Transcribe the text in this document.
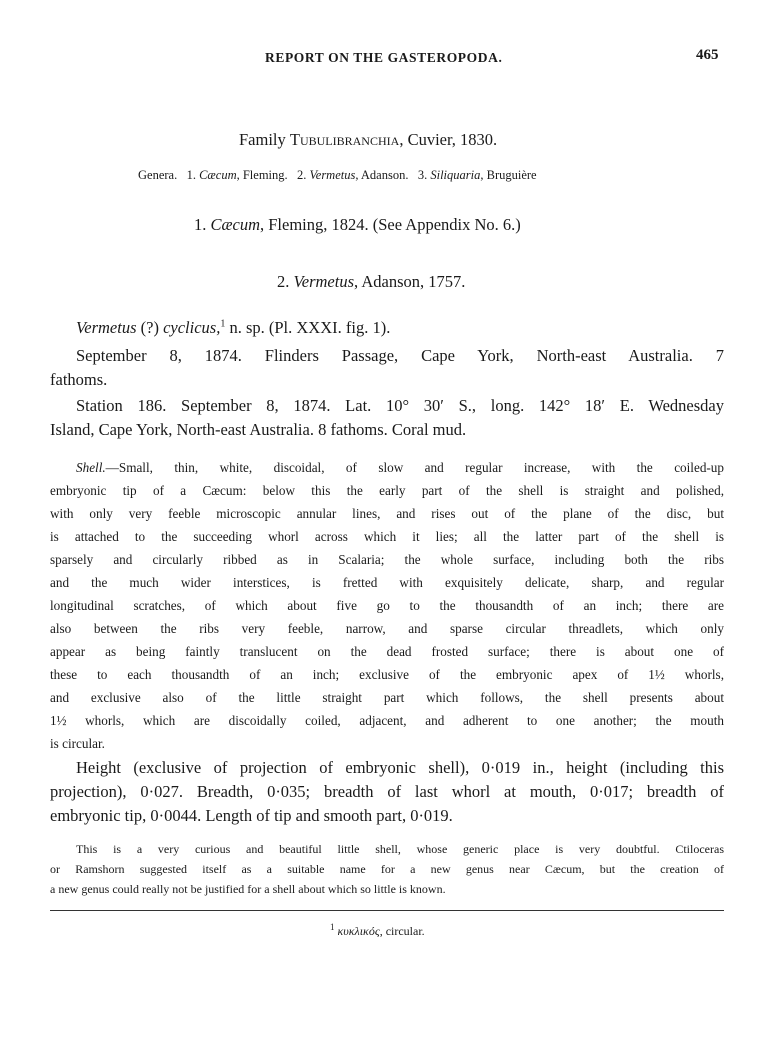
REPORT ON THE GASTEROPODA.	465
Family Tubulibranchia, Cuvier, 1830.
Genera. 1. Cæcum, Fleming. 2. Vermetus, Adanson. 3. Siliquaria, Bruguière
1. Cæcum, Fleming, 1824. (See Appendix No. 6.)
2. Vermetus, Adanson, 1757.
Vermetus (?) cyclicus,$^1$ n. sp. (Pl. XXXI. fig. 1).
September 8, 1874. Flinders Passage, Cape York, North-east Australia. 7
fathoms.
Station 186. September 8, 1874. Lat. 10° 30′ S., long. 142° 18′ E. Wednesday
Island, Cape York, North-east Australia. 8 fathoms. Coral mud.
Shell.—Small, thin, white, discoidal, of slow and regular increase, with the coiled-up
embryonic tip of a Cæcum: below this the early part of the shell is straight and polished,
with only very feeble microscopic annular lines, and rises out of the plane of the disc, but
is attached to the succeeding whorl across which it lies; all the latter part of the shell is
sparsely and circularly ribbed as in Scalaria; the whole surface, including both the ribs
and the much wider interstices, is fretted with exquisitely delicate, sharp, and regular
longitudinal scratches, of which about five go to the thousandth of an inch; there are
also between the ribs very feeble, narrow, and sparse circular threadlets, which only
appear as being faintly translucent on the dead frosted surface; there is about one of
these to each thousandth of an inch; exclusive of the embryonic apex of 1½ whorls,
and exclusive also of the little straight part which follows, the shell presents about
1½ whorls, which are discoidally coiled, adjacent, and adherent to one another; the mouth
is circular.
Height (exclusive of projection of embryonic shell), 0·019 in., height (including this
projection), 0·027. Breadth, 0·035; breadth of last whorl at mouth, 0·017; breadth of
embryonic tip, 0·0044. Length of tip and smooth part, 0·019.
This is a very curious and beautiful little shell, whose generic place is very doubtful. Ctiloceras
or Ramshorn suggested itself as a suitable name for a new genus near Cæcum, but the creation of
a new genus could really not be justified for a shell about which so little is known.
$^1$ κυκλικός, circular.
